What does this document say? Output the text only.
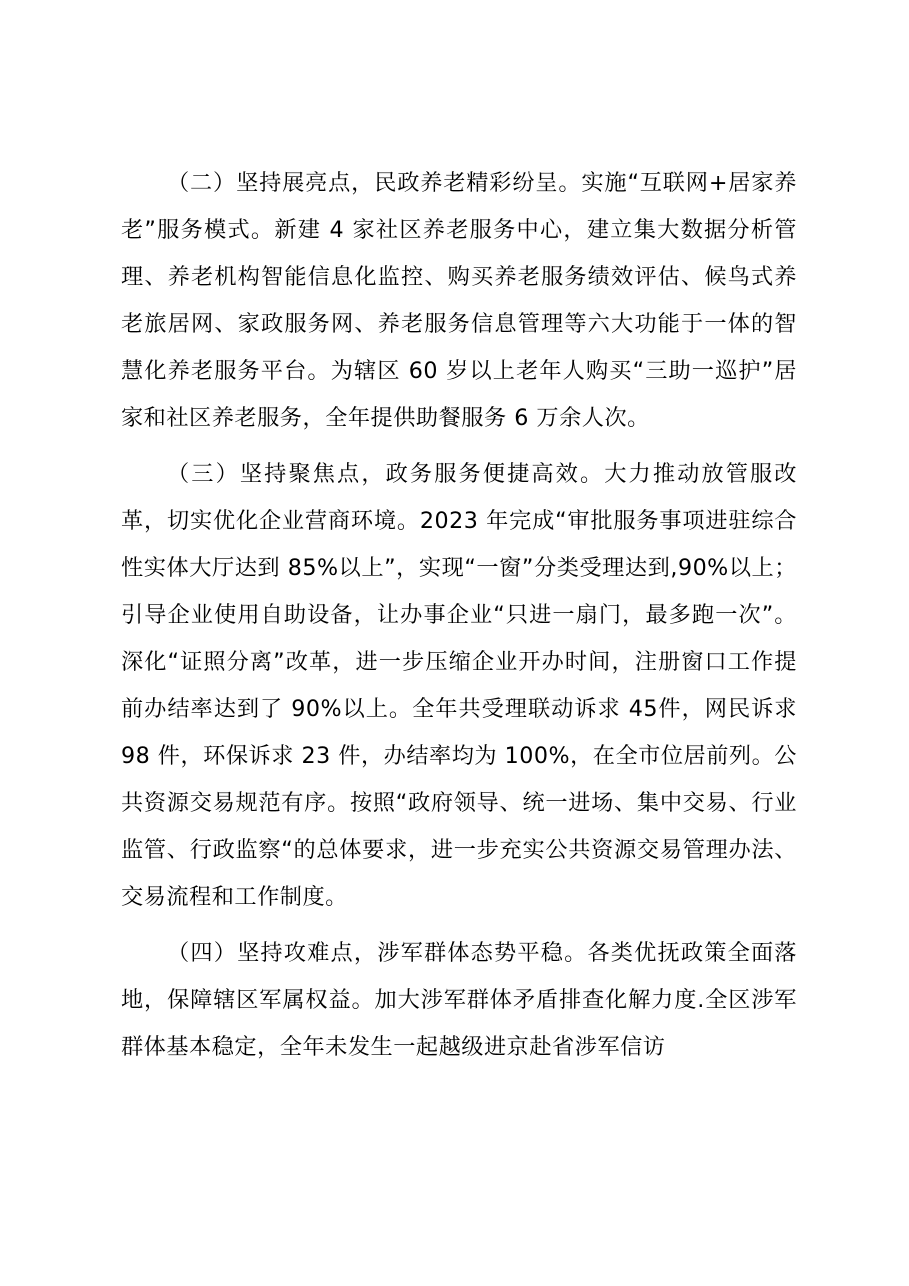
（二）坚持展亮点，民政养老精彩纷呈。实施“互联网+居家养老”服务模式。新建 4 家社区养老服务中心，建立集大数据分析管理、养老机构智能信息化监控、购买养老服务绩效评估、候鸟式养老旅居网、家政服务网、养老服务信息管理等六大功能于一体的智慧化养老服务平台。为辖区 60 岁以上老年人购买“三助一巡护”居家和社区养老服务，全年提供助餐服务 6 万余人次。

（三）坚持聚焦点，政务服务便捷高效。大力推动放管服改革，切实优化企业营商环境。2023 年完成“审批服务事项进驻综合性实体大厅达到 85%以上”，实现“一窗”分类受理达到,90%以上；引导企业使用自助设备，让办事企业“只进一扇门，最多跑一次”。深化“证照分离”改革，进一步压缩企业开办时间，注册窗口工作提前办结率达到了 90%以上。全年共受理联动诉求 45件，网民诉求 98 件，环保诉求 23 件，办结率均为 100%，在全市位居前列。公共资源交易规范有序。按照“政府领导、统一进场、集中交易、行业监管、行政监察“的总体要求，进一步充实公共资源交易管理办法、交易流程和工作制度。

（四）坚持攻难点，涉军群体态势平稳。各类优抚政策全面落地，保障辖区军属权益。加大涉军群体矛盾排查化解力度.全区涉军群体基本稳定，全年未发生一起越级进京赴省涉军信访
